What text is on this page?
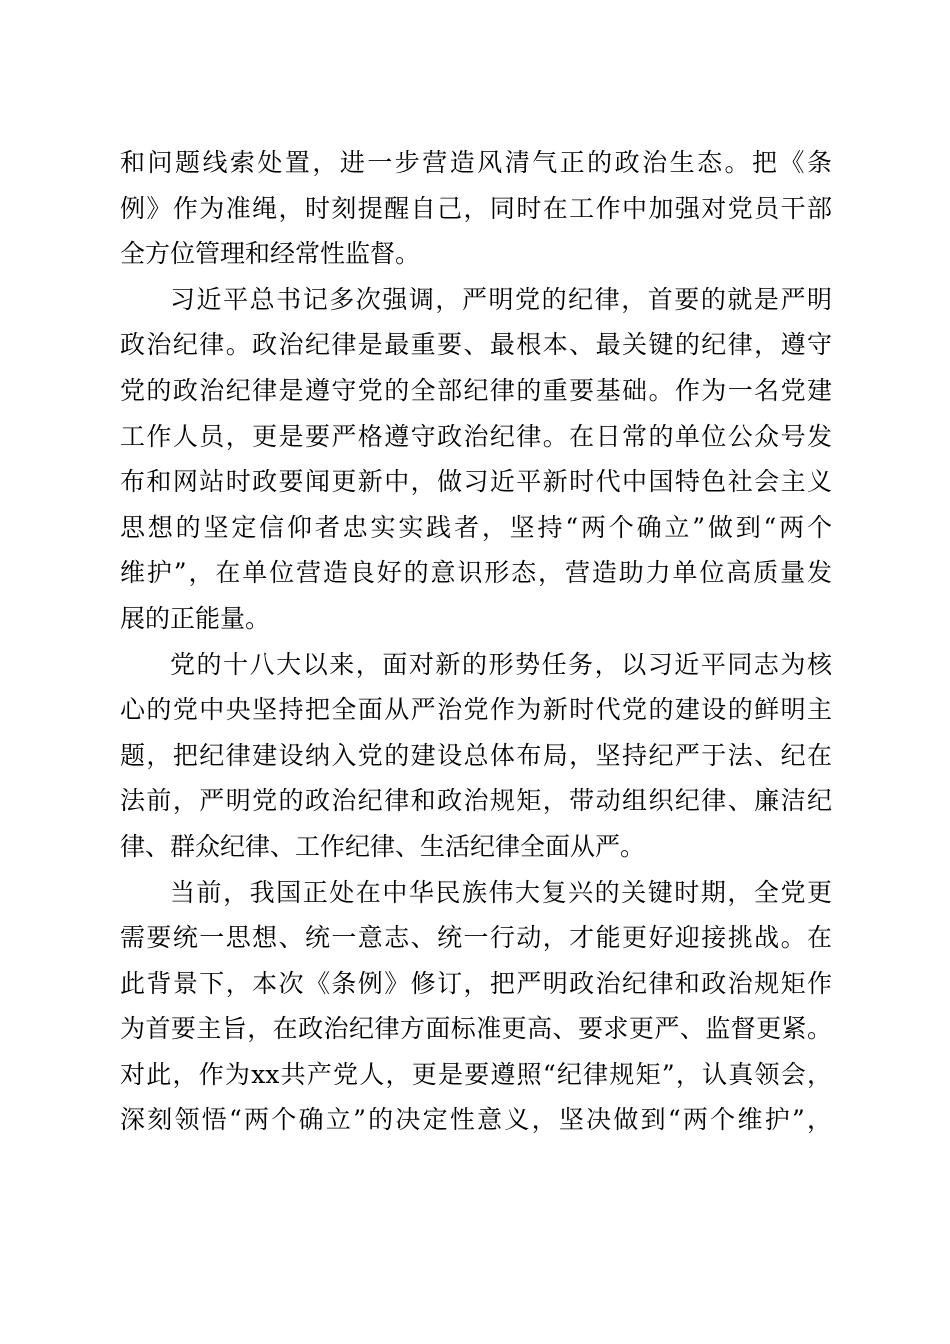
和问题线索处置，进一步营造风清气正的政治生态。把《条
例》作为准绳，时刻提醒自己，同时在工作中加强对党员干部
全方位管理和经常性监督。
习近平总书记多次强调，严明党的纪律，首要的就是严明
政治纪律。政治纪律是最重要、最根本、最关键的纪律，遵守
党的政治纪律是遵守党的全部纪律的重要基础。作为一名党建
工作人员，更是要严格遵守政治纪律。在日常的单位公众号发
布和网站时政要闻更新中，做习近平新时代中国特色社会主义
思想的坚定信仰者忠实实践者，坚持“两个确立”做到“两个
维护”，在单位营造良好的意识形态，营造助力单位高质量发
展的正能量。
党的十八大以来，面对新的形势任务，以习近平同志为核
心的党中央坚持把全面从严治党作为新时代党的建设的鲜明主
题，把纪律建设纳入党的建设总体布局，坚持纪严于法、纪在
法前，严明党的政治纪律和政治规矩，带动组织纪律、廉洁纪
律、群众纪律、工作纪律、生活纪律全面从严。
当前，我国正处在中华民族伟大复兴的关键时期，全党更
需要统一思想、统一意志、统一行动，才能更好迎接挑战。在
此背景下，本次《条例》修订，把严明政治纪律和政治规矩作
为首要主旨，在政治纪律方面标准更高、要求更严、监督更紧。
对此，作为xx共产党人，更是要遵照“纪律规矩”，认真领会，
深刻领悟“两个确立”的决定性意义，坚决做到“两个维护”，
